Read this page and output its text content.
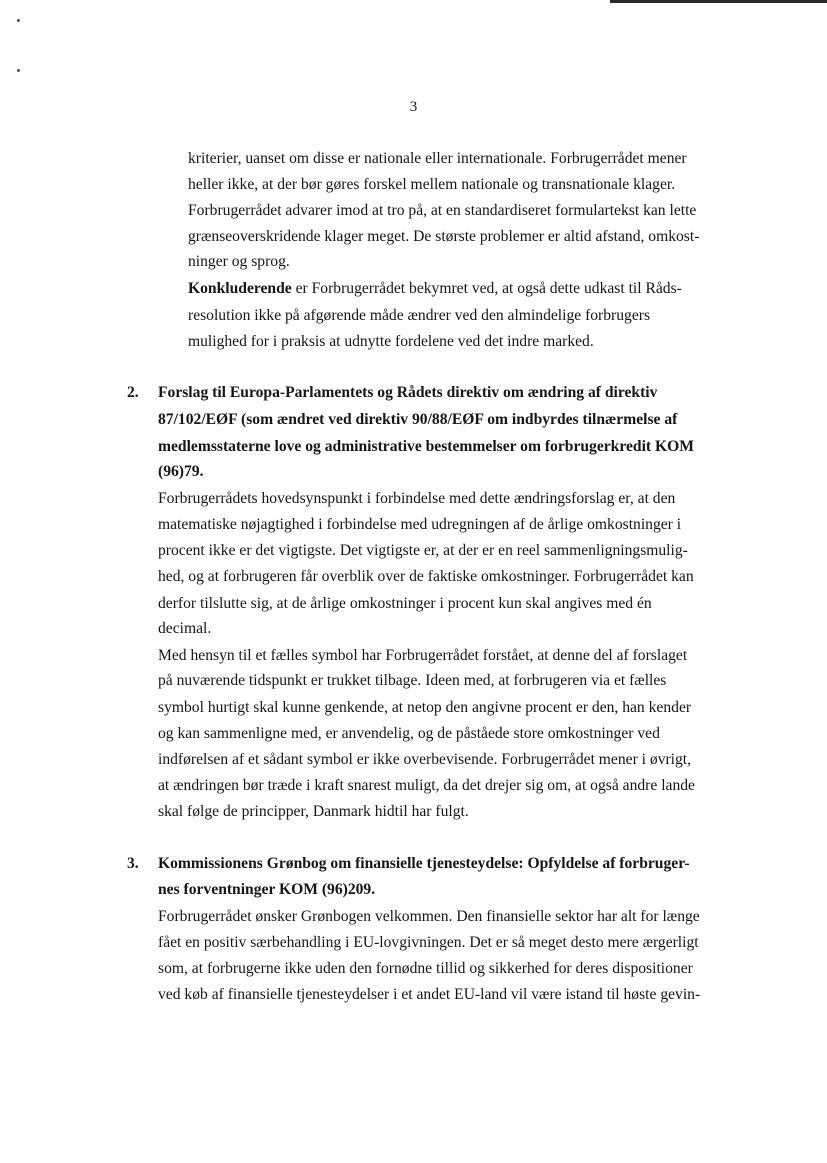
3
kriterier, uanset om disse er nationale eller internationale. Forbrugerrådet mener
heller ikke, at der bør gøres forskel mellem nationale og transnationale klager.
Forbrugerrådet advarer imod at tro på, at en standardiseret formulartekst kan lette
grænseoverskridende klager meget. De største problemer er altid afstand, omkost-
ninger og sprog.
Konkluderende er Forbrugerrådet bekymret ved, at også dette udkast til Råds-
resolution ikke på afgørende måde ændrer ved den almindelige forbrugers
mulighed for i praksis at udnytte fordelene ved det indre marked.
2. Forslag til Europa-Parlamentets og Rådets direktiv om ændring af direktiv
87/102/EØF (som ændret ved direktiv 90/88/EØF om indbyrdes tilnærmelse af
medlemsstaterne love og administrative bestemmelser om forbrugerkredit KOM
(96)79.
Forbrugerrådets hovedsynspunkt i forbindelse med dette ændringsforslag er, at den
matematiske nøjagtighed i forbindelse med udregningen af de årlige omkostninger i
procent ikke er det vigtigste. Det vigtigste er, at der er en reel sammenligningsmulig-
hed, og at forbrugeren får overblik over de faktiske omkostninger. Forbrugerrådet kan
derfor tilslutte sig, at de årlige omkostninger i procent kun skal angives med én
decimal.
Med hensyn til et fælles symbol har Forbrugerrådet forstået, at denne del af forslaget
på nuværende tidspunkt er trukket tilbage. Ideen med, at forbrugeren via et fælles
symbol hurtigt skal kunne genkende, at netop den angivne procent er den, han kender
og kan sammenligne med, er anvendelig, og de påståede store omkostninger ved
indførelsen af et sådant symbol er ikke overbevisende. Forbrugerrådet mener i øvrigt,
at ændringen bør træde i kraft snarest muligt, da det drejer sig om, at også andre lande
skal følge de principper, Danmark hidtil har fulgt.
3. Kommissionens Grønbog om finansielle tjenesteydelse: Opfyldelse af forbruger-
nes forventninger KOM (96)209.
Forbrugerrådet ønsker Grønbogen velkommen. Den finansielle sektor har alt for længe
fået en positiv særbehandling i EU-lovgivningen. Det er så meget desto mere ærgerligt
som, at forbrugerne ikke uden den fornødne tillid og sikkerhed for deres dispositioner
ved køb af finansielle tjenesteydelser i et andet EU-land vil være istand til høste gevin-
